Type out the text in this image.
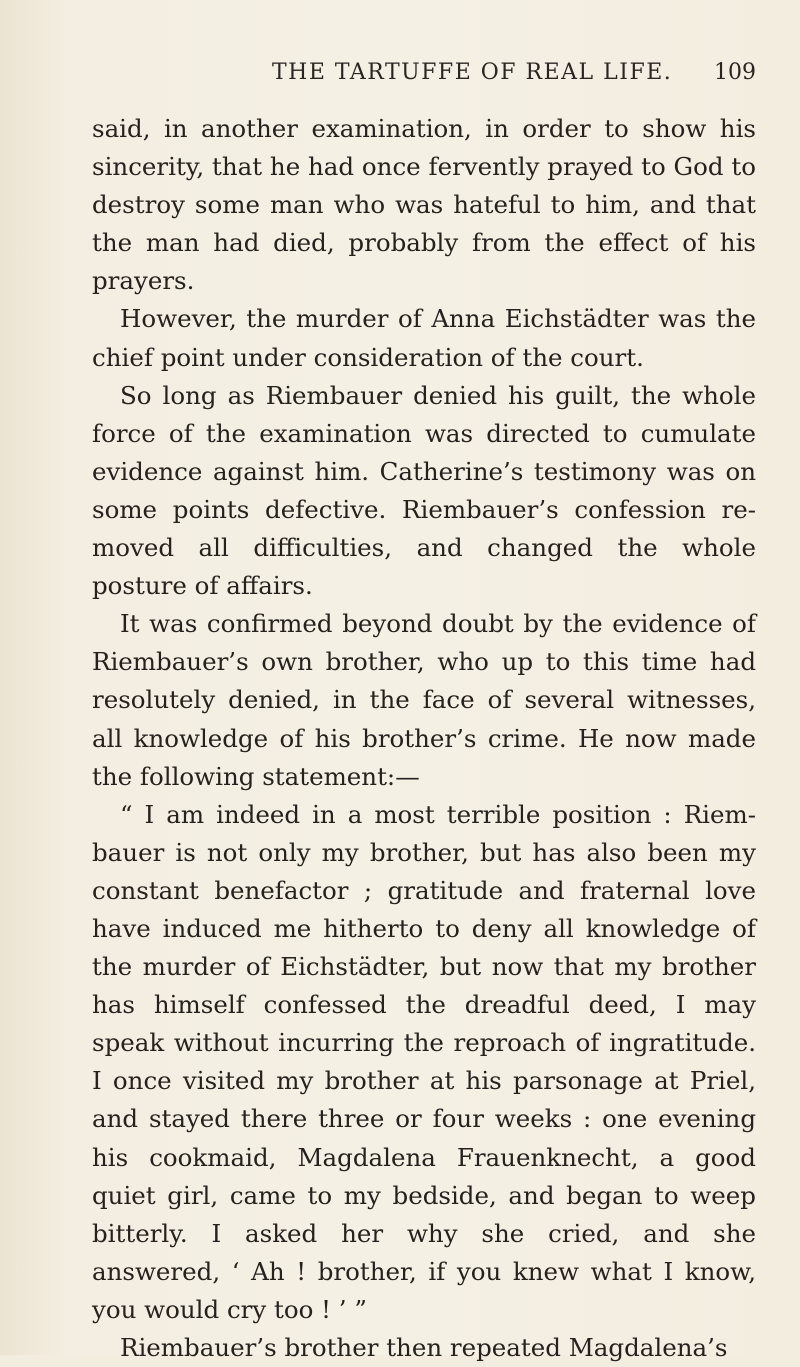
THE TARTUFFE OF REAL LIFE. 109

said, in another examination, in order to show his sincerity, that he had once fervently prayed to God to destroy some man who was hateful to him, and that the man had died, probably from the effect of his prayers.

However, the murder of Anna Eichstädter was the chief point under consideration of the court.

So long as Riembauer denied his guilt, the whole force of the examination was directed to cumulate evidence against him. Catherine’s testimony was on some points defective. Riembauer’s confession re-moved all difficulties, and changed the whole posture of affairs.

It was confirmed beyond doubt by the evidence of Riembauer’s own brother, who up to this time had resolutely denied, in the face of several witnesses, all knowledge of his brother’s crime. He now made the following statement:—

“ I am indeed in a most terrible position : Riem-bauer is not only my brother, but has also been my constant benefactor ; gratitude and fraternal love have induced me hitherto to deny all knowledge of the murder of Eichstädter, but now that my brother has himself confessed the dreadful deed, I may speak without incurring the reproach of ingratitude. I once visited my brother at his parsonage at Priel, and stayed there three or four weeks : one evening his cookmaid, Magdalena Frauenknecht, a good quiet girl, came to my bedside, and began to weep bitterly. I asked her why she cried, and she answered, ‘ Ah ! brother, if you knew what I know, you would cry too ! ’ ”

Riembauer’s brother then repeated Magdalena’s
